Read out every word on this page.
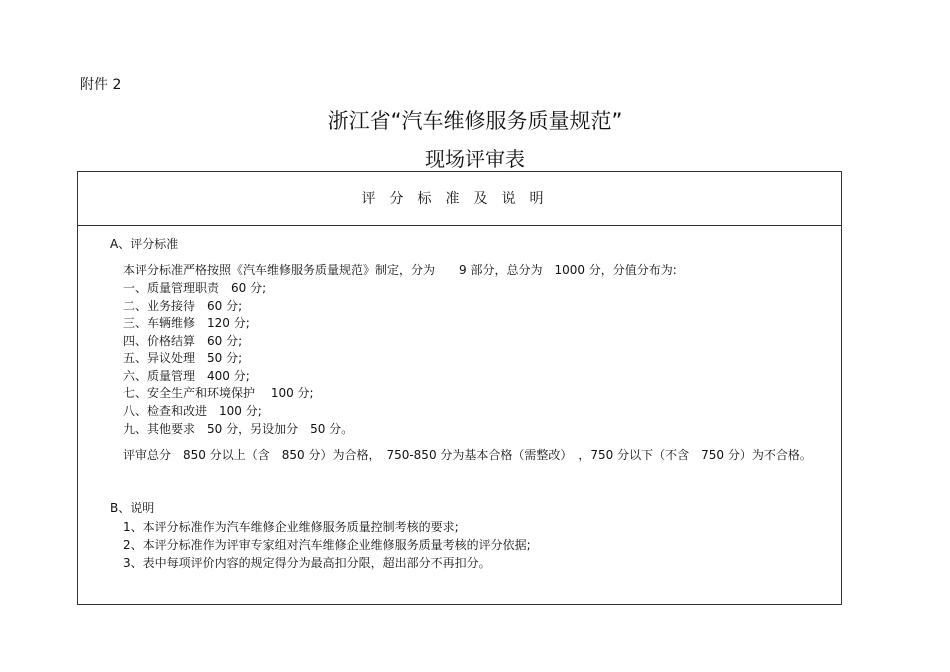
附件 2
浙江省“汽车维修服务质量规范”
现场评审表
评分标准及说明
A、评分标准
本评分标准严格按照《汽车维修服务质量规范》制定，分为　　9 部分，总分为　1000 分，分值分布为:
一、质量管理职责　60 分;
二、业务接待　60 分;
三、车辆维修　120 分;
四、价格结算　60 分;
五、异议处理　50 分;
六、质量管理　400 分;
七、安全生产和环境保护　 100 分;
八、检查和改进　100 分;
九、其他要求　50 分，另设加分　50 分。
评审总分　850 分以上（含　850 分）为合格，　750-850 分为基本合格（需整改）　，750 分以下（不含　750 分）为不合格。
B、说明
1、本评分标准作为汽车维修企业维修服务质量控制考核的要求;
2、本评分标准作为评审专家组对汽车维修企业维修服务质量考核的评分依据;
3、表中每项评价内容的规定得分为最高扣分限，超出部分不再扣分。
